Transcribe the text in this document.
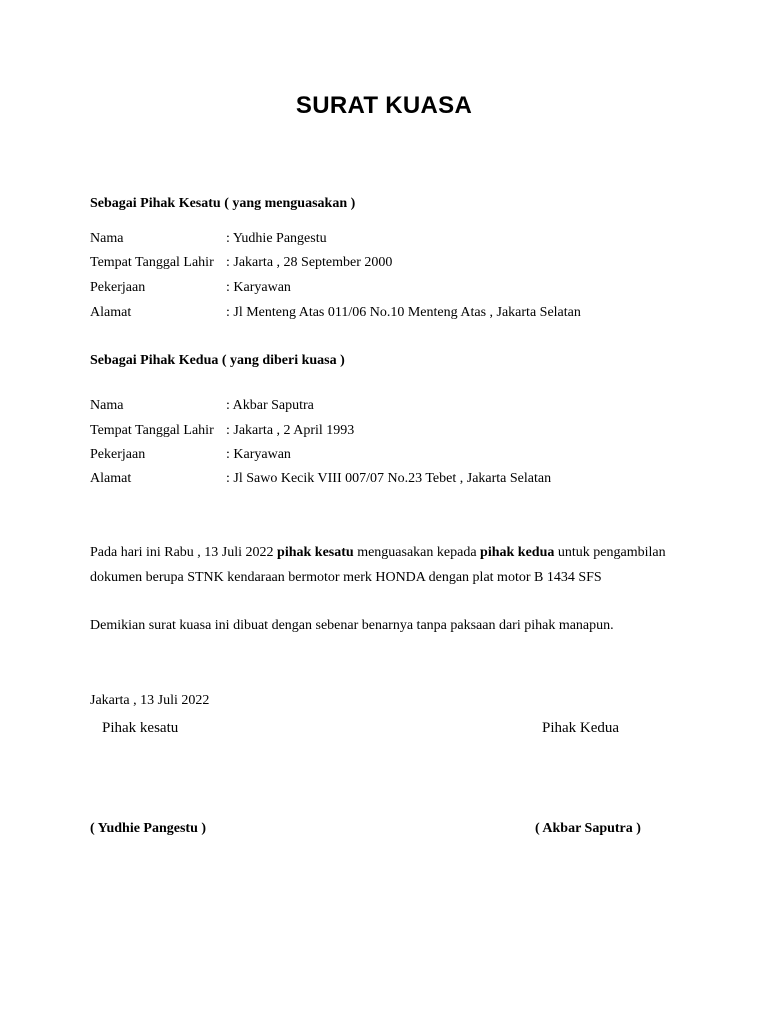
SURAT KUASA
Sebagai Pihak Kesatu ( yang menguasakan )
Nama	: Yudhie Pangestu
Tempat Tanggal Lahir : Jakarta , 28 September 2000
Pekerjaan	: Karyawan
Alamat	: Jl Menteng Atas 011/06 No.10 Menteng Atas , Jakarta Selatan
Sebagai Pihak Kedua ( yang diberi kuasa )
Nama	: Akbar Saputra
Tempat Tanggal Lahir : Jakarta , 2 April 1993
Pekerjaan	: Karyawan
Alamat	: Jl Sawo Kecik VIII 007/07 No.23 Tebet , Jakarta Selatan
Pada hari ini Rabu , 13 Juli 2022 pihak kesatu menguasakan kepada pihak kedua untuk pengambilan
dokumen berupa STNK kendaraan bermotor merk HONDA dengan plat motor B 1434 SFS
Demikian surat kuasa ini dibuat dengan sebenar benarnya tanpa paksaan dari pihak manapun.
Jakarta , 13 Juli 2022
Pihak kesatu	Pihak Kedua
( Yudhie Pangestu )	( Akbar Saputra )
